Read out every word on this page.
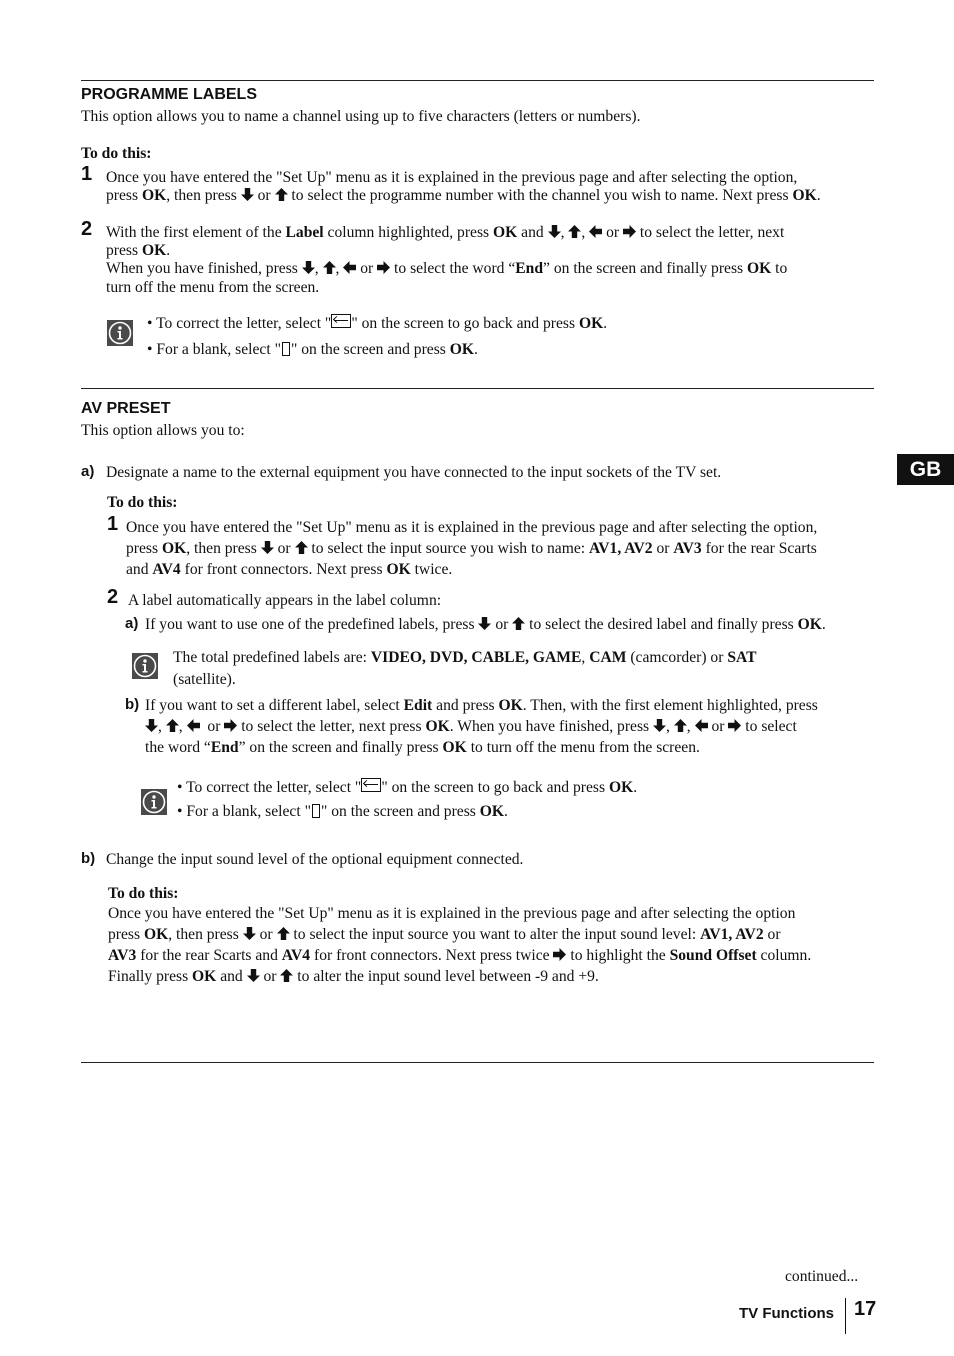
PROGRAMME LABELS
This option allows you to name a channel using up to five characters (letters or numbers).
To do this:
1 Once you have entered the "Set Up" menu as it is explained in the previous page and after selecting the option,
press OK, then press
or
to select the programme number with the channel you wish to name. Next press OK.
2 With the first element of the Label column highlighted, press OK and
,
,
or
to select the letter, next
press OK.
When you have finished, press
,
,
or
to select the word “End” on the screen and finally press OK to
turn off the menu from the screen.
• To correct the letter, select " " on the screen to go back and press OK.
• For a blank, select " " on the screen and press OK.
AV PRESET
This option allows you to:
a) Designate a name to the external equipment you have connected to the input sockets of the TV set.
To do this:
1 Once you have entered the "Set Up" menu as it is explained in the previous page and after selecting the option,
press OK, then press
or
to select the input source you wish to name: AV1, AV2 or AV3 for the rear Scarts
and AV4 for front connectors. Next press OK twice.
2 A label automatically appears in the label column:
a) If you want to use one of the predefined labels, press
or
to select the desired label and finally press OK.
The total predefined labels are: VIDEO, DVD, CABLE, GAME, CAM (camcorder) or SAT
(satellite).
b) If you want to set a different label, select Edit and press OK. Then, with the first element highlighted, press
,
,
or
to select the letter, next press OK. When you have finished, press
,
,
or
to select
the word “End” on the screen and finally press OK to turn off the menu from the screen.
• To correct the letter, select " " on the screen to go back and press OK.
• For a blank, select " " on the screen and press OK.
b) Change the input sound level of the optional equipment connected.
To do this:
Once you have entered the "Set Up" menu as it is explained in the previous page and after selecting the option
press OK, then press
or
to select the input source you want to alter the input sound level: AV1, AV2 or
AV3 for the rear Scarts and AV4 for front connectors. Next press twice
to highlight the Sound Offset column.
Finally press OK and
or
to alter the input sound level between -9 and +9.
GB
continued...
TV Functions 17
